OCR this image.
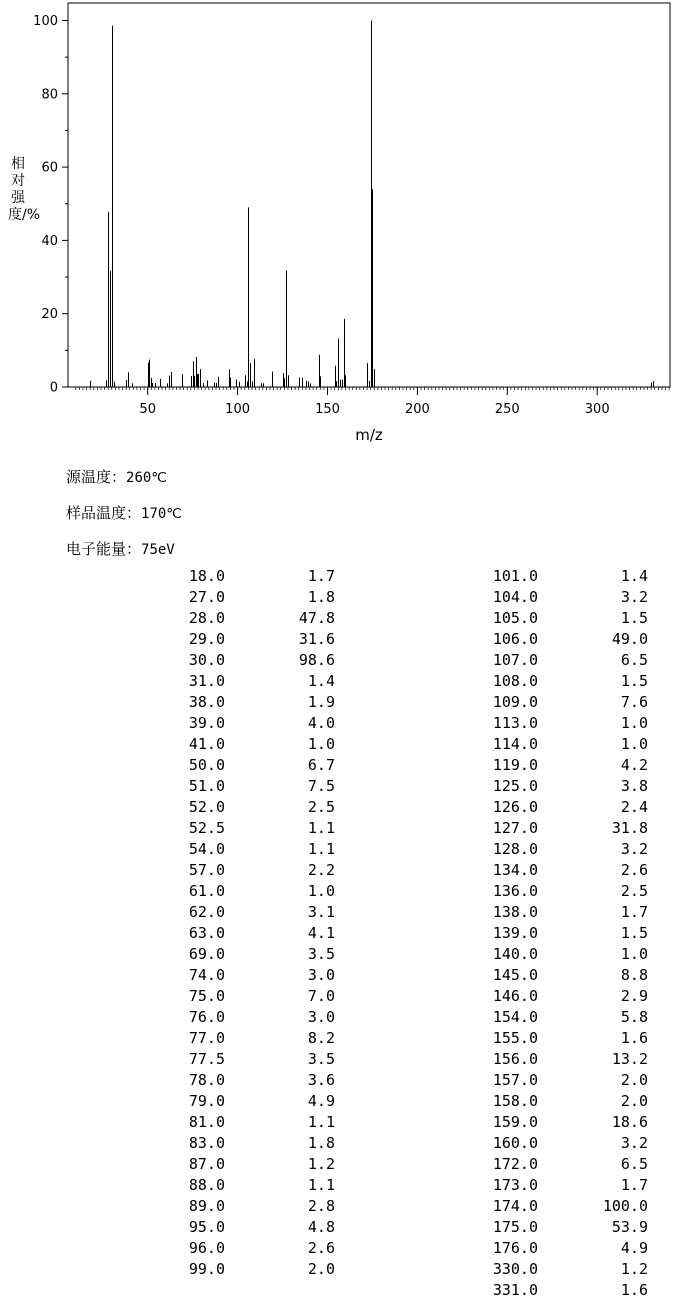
50	100	150	200	250	300
0
20
40
60
80
100
m/z
相对强度/%
源温度：260℃
样品温度：170℃
电子能量：75eV
18.0	1.7		101.0	1.4
27.0	1.8		104.0	3.2
28.0	47.8		105.0	1.5
29.0	31.6		106.0	49.0
30.0	98.6		107.0	6.5
31.0	1.4		108.0	1.5
38.0	1.9		109.0	7.6
39.0	4.0		113.0	1.0
41.0	1.0		114.0	1.0
50.0	6.7		119.0	4.2
51.0	7.5		125.0	3.8
52.0	2.5		126.0	2.4
52.5	1.1		127.0	31.8
54.0	1.1		128.0	3.2
57.0	2.2		134.0	2.6
61.0	1.0		136.0	2.5
62.0	3.1		138.0	1.7
63.0	4.1		139.0	1.5
69.0	3.5		140.0	1.0
74.0	3.0		145.0	8.8
75.0	7.0		146.0	2.9
76.0	3.0		154.0	5.8
77.0	8.2		155.0	1.6
77.5	3.5		156.0	13.2
78.0	3.6		157.0	2.0
79.0	4.9		158.0	2.0
81.0	1.1		159.0	18.6
83.0	1.8		160.0	3.2
87.0	1.2		172.0	6.5
88.0	1.1		173.0	1.7
89.0	2.8		174.0	100.0
95.0	4.8		175.0	53.9
96.0	2.6		176.0	4.9
99.0	2.0		330.0	1.2
			331.0	1.6
